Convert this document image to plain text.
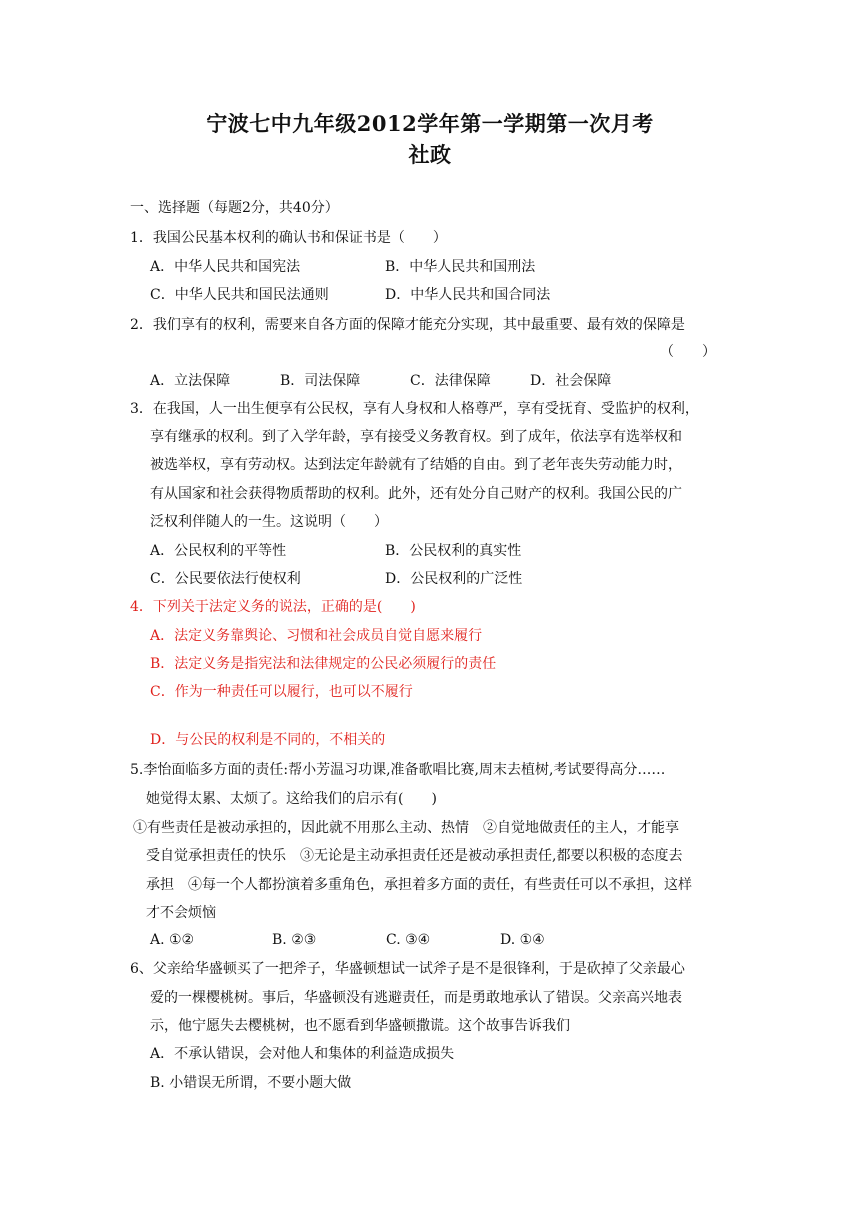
宁波七中九年级2012学年第一学期第一次月考
社政
一、选择题（每题2分，共40分）
1．我国公民基本权利的确认书和保证书是（　　）
A．中华人民共和国宪法	B．中华人民共和国刑法
C．中华人民共和国民法通则	D．中华人民共和国合同法
2．我们享有的权利，需要来自各方面的保障才能充分实现，其中最重要、最有效的保障是
（　　）
A．立法保障	B．司法保障	C．法律保障	D．社会保障
3．在我国，人一出生便享有公民权，享有人身权和人格尊严，享有受抚育、受监护的权利，
享有继承的权利。到了入学年龄，享有接受义务教育权。到了成年，依法享有选举权和
被选举权，享有劳动权。达到法定年龄就有了结婚的自由。到了老年丧失劳动能力时，
有从国家和社会获得物质帮助的权利。此外，还有处分自己财产的权利。我国公民的广
泛权利伴随人的一生。这说明（　　）
A．公民权利的平等性	B．公民权利的真实性
C．公民要依法行使权利	D．公民权利的广泛性
4．下列关于法定义务的说法，正确的是(　　)
A．法定义务靠舆论、习惯和社会成员自觉自愿来履行
B．法定义务是指宪法和法律规定的公民必须履行的责任
C．作为一种责任可以履行，也可以不履行
D．与公民的权利是不同的，不相关的
5.李怡面临多方面的责任:帮小芳温习功课,准备歌唱比赛,周末去植树,考试要得高分……
她觉得太累、太烦了。这给我们的启示有(　　)
①有些责任是被动承担的，因此就不用那么主动、热情　②自觉地做责任的主人，才能享
受自觉承担责任的快乐　③无论是主动承担责任还是被动承担责任,都要以积极的态度去
承担　④每一个人都扮演着多重角色，承担着多方面的责任，有些责任可以不承担，这样
才不会烦恼
A. ①②	B. ②③	C. ③④	D. ①④
6、父亲给华盛顿买了一把斧子，华盛顿想试一试斧子是不是很锋利，于是砍掉了父亲最心
爱的一棵樱桃树。事后，华盛顿没有逃避责任，而是勇敢地承认了错误。父亲高兴地表
示，他宁愿失去樱桃树，也不愿看到华盛顿撒谎。这个故事告诉我们
A．不承认错误，会对他人和集体的利益造成损失
B. 小错误无所谓，不要小题大做
